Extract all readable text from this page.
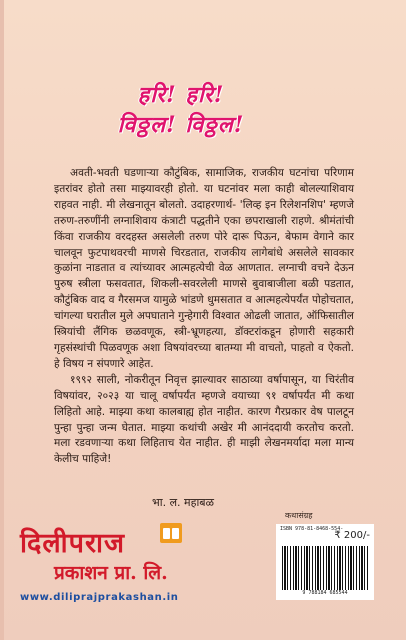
हरि! हरि!
विठ्ठल! विठ्ठल!

अवती-भवती घडणाऱ्या कौटुंबिक, सामाजिक, राजकीय घटनांचा परिणाम इतरांवर होतो तसा माझ्यावरही होतो. या घटनांवर मला काही बोलल्याशिवाय राहवत नाही. मी लेखनातून बोलतो. उदाहरणार्थ- 'लिव्ह इन रिलेशनशिप' म्हणजे तरुण-तरुणींनी लग्नाशिवाय कंत्राटी पद्धतीने एका छपराखाली राहणे. श्रीमंतांची किंवा राजकीय वरदहस्त असलेली तरुण पोरे दारू पिऊन, बेफाम वेगाने कार चालवून फुटपाथवरची माणसे चिरडतात, राजकीय लागेबांधे असलेले सावकार कुळांना नाडतात व त्यांच्यावर आत्महत्येची वेळ आणतात. लग्नाची वचने देऊन पुरुष स्त्रीला फसवतात, शिकली-सवरलेली माणसे बुवाबाजीला बळी पडतात, कौटुंबिक वाद व गैरसमज यामुळे भांडणे धुमसतात व आत्महत्येपर्यंत पोहोचतात, चांगल्या घरातील मुले अपघाताने गुन्हेगारी विश्वात ओढली जातात, ऑफिसातील स्त्रियांची लैंगिक छळवणूक, स्त्री-भ्रूणहत्या, डॉक्टरांकडून होणारी सहकारी गृहसंस्थांची पिळवणूक अशा विषयांवरच्या बातम्या मी वाचतो, पाहतो व ऐकतो. हे विषय न संपणारे आहेत.

१९९२ साली, नोकरीतून निवृत्त झाल्यावर साठाव्या वर्षापासून, या चिरंतीव विषयांवर, २०२३ या चालू वर्षापर्यंत म्हणजे वयाच्या ९१ वर्षापर्यंत मी कथा लिहितो आहे. माझ्या कथा कालबाह्य होत नाहीत. कारण गैरप्रकार वेष पालटून पुन्हा पुन्हा जन्म घेतात. माझ्या कथांची अखेर मी आनंददायी करतोच करतो. मला रडवणाऱ्या कथा लिहिताच येत नाहीत. ही माझी लेखनमर्यादा मला मान्य केलीच पाहिजे!

भा. ल. महाबळ
दिलीपराज
प्रकाशन प्रा. लि.
www.diliprajprakashan.in
कथासंग्रह
ISBN 978-81-8468-554-
₹ 200/-
9 788184 685544
